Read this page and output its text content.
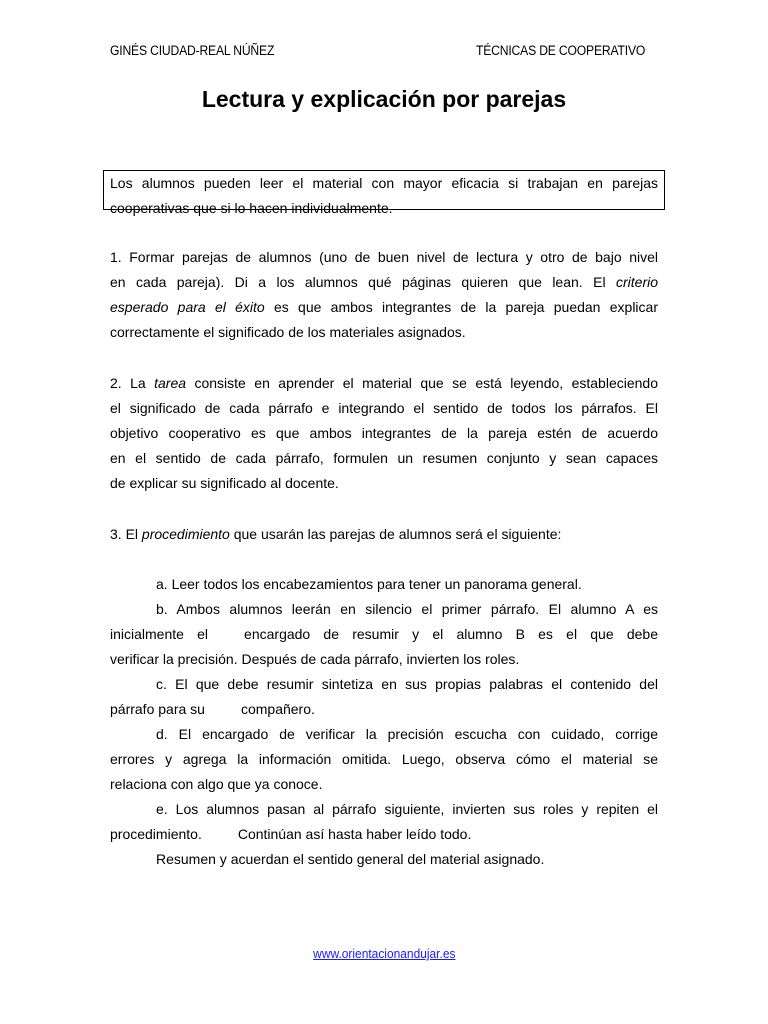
GINÉS CIUDAD-REAL NÚÑEZ	TÉCNICAS DE COOPERATIVO
Lectura y explicación por parejas
Los alumnos pueden leer el material con mayor eficacia si trabajan en parejas
cooperativas que si lo hacen individualmente.
1. Formar parejas de alumnos (uno de buen nivel de lectura y otro de bajo nivel
en cada pareja). Di a los alumnos qué páginas quieren que lean. El criterio
esperado para el éxito es que ambos integrantes de la pareja puedan explicar
correctamente el significado de los materiales asignados.
2. La tarea consiste en aprender el material que se está leyendo, estableciendo
el significado de cada párrafo e integrando el sentido de todos los párrafos. El
objetivo cooperativo es que ambos integrantes de la pareja estén de acuerdo
en el sentido de cada párrafo, formulen un resumen conjunto y sean capaces
de explicar su significado al docente.
3. El procedimiento que usarán las parejas de alumnos será el siguiente:
a. Leer todos los encabezamientos para tener un panorama general.
b. Ambos alumnos leerán en silencio el primer párrafo. El alumno A es
inicialmente el	encargado de resumir y el alumno B es el que debe
verificar la precisión. Después de cada párrafo, invierten los roles.
c. El que debe resumir sintetiza en sus propias palabras el contenido del
párrafo para su	compañero.
d. El encargado de verificar la precisión escucha con cuidado, corrige
errores y agrega la información omitida. Luego, observa cómo el material se
relaciona con algo que ya conoce.
e. Los alumnos pasan al párrafo siguiente, invierten sus roles y repiten el
procedimiento.	Continúan así hasta haber leído todo.
Resumen y acuerdan el sentido general del material asignado.
www.orientacionandujar.es
